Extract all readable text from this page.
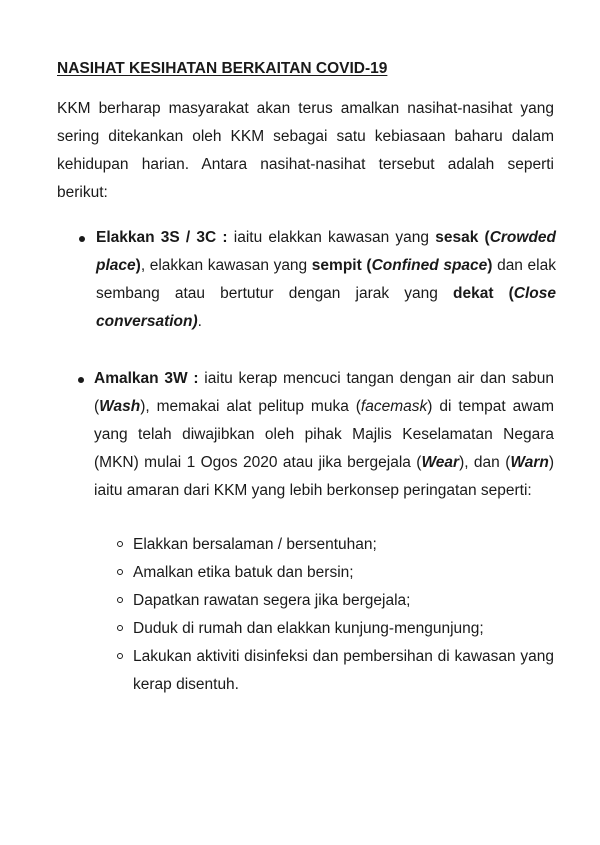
NASIHAT KESIHATAN BERKAITAN COVID-19

KKM berharap masyarakat akan terus amalkan nasihat-nasihat yang sering ditekankan oleh KKM sebagai satu kebiasaan baharu dalam kehidupan harian. Antara nasihat-nasihat tersebut adalah seperti berikut:

Elakkan 3S / 3C : iaitu elakkan kawasan yang sesak (Crowded place), elakkan kawasan yang sempit (Confined space) dan elak sembang atau bertutur dengan jarak yang dekat (Close conversation).

Amalkan 3W : iaitu kerap mencuci tangan dengan air dan sabun (Wash), memakai alat pelitup muka (facemask) di tempat awam yang telah diwajibkan oleh pihak Majlis Keselamatan Negara (MKN) mulai 1 Ogos 2020 atau jika bergejala (Wear), dan (Warn) iaitu amaran dari KKM yang lebih berkonsep peringatan seperti:

Elakkan bersalaman / bersentuhan;
Amalkan etika batuk dan bersin;
Dapatkan rawatan segera jika bergejala;
Duduk di rumah dan elakkan kunjung-mengunjung;
Lakukan aktiviti disinfeksi dan pembersihan di kawasan yang kerap disentuh.
